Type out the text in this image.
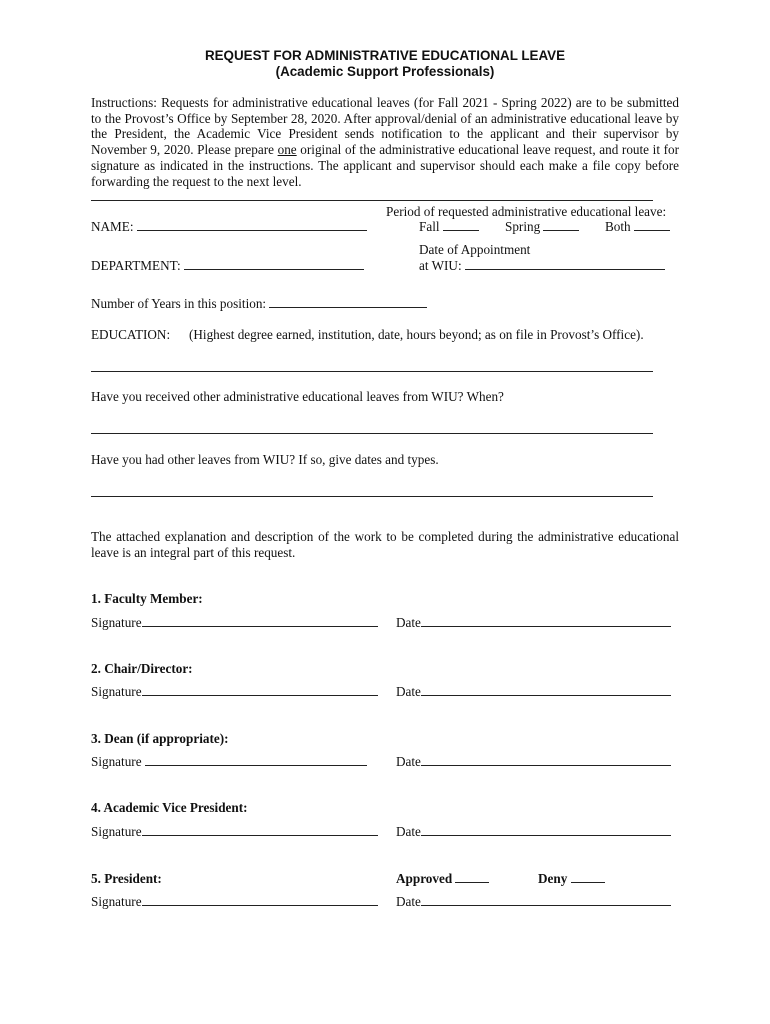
REQUEST FOR ADMINISTRATIVE EDUCATIONAL LEAVE
(Academic Support Professionals)
Instructions: Requests for administrative educational leaves (for Fall 2021 - Spring 2022) are to be submitted to the Provost’s Office by September 28, 2020. After approval/denial of an administrative educational leave by the President, the Academic Vice President sends notification to the applicant and their supervisor by November 9, 2020. Please prepare one original of the administrative educational leave request, and route it for signature as indicated in the instructions. The applicant and supervisor should each make a file copy before forwarding the request to the next level.
Period of requested administrative educational leave:
NAME:	Fall	Spring	Both
Date of Appointment
DEPARTMENT:	at WIU:
Number of Years in this position:
EDUCATION: (Highest degree earned, institution, date, hours beyond; as on file in Provost’s Office).
Have you received other administrative educational leaves from WIU? When?
Have you had other leaves from WIU? If so, give dates and types.
The attached explanation and description of the work to be completed during the administrative educational leave is an integral part of this request.
1. Faculty Member:
Signature	Date
2. Chair/Director:
Signature	Date
3. Dean (if appropriate):
Signature	Date
4. Academic Vice President:
Signature	Date
5. President:	Approved	Deny
Signature	Date
